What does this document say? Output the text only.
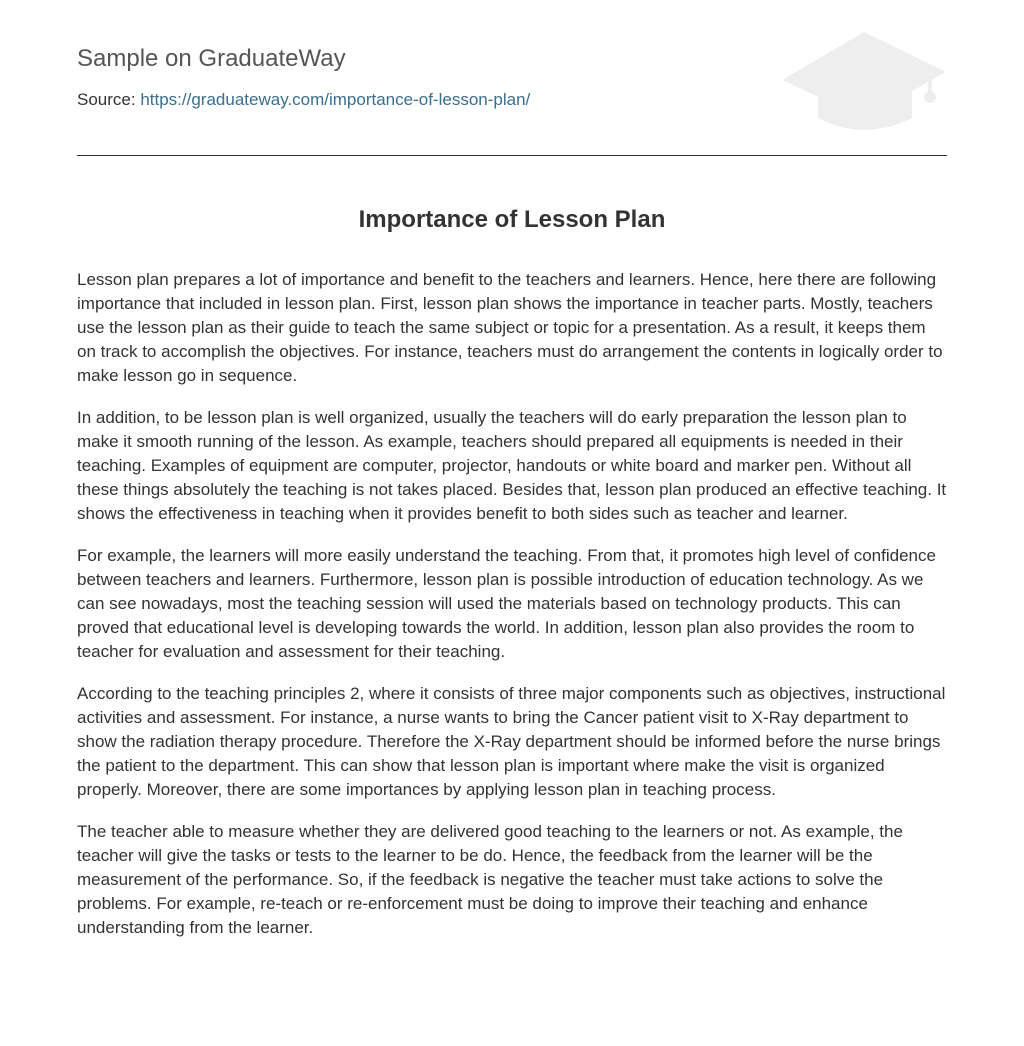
Sample on GraduateWay
Source: https://graduateway.com/importance-of-lesson-plan/
Importance of Lesson Plan

Lesson plan prepares a lot of importance and benefit to the teachers and learners. Hence, here there are following importance that included in lesson plan. First, lesson plan shows the importance in teacher parts. Mostly, teachers use the lesson plan as their guide to teach the same subject or topic for a presentation. As a result, it keeps them on track to accomplish the objectives. For instance, teachers must do arrangement the contents in logically order to make lesson go in sequence.

In addition, to be lesson plan is well organized, usually the teachers will do early preparation the lesson plan to make it smooth running of the lesson. As example, teachers should prepared all equipments is needed in their teaching. Examples of equipment are computer, projector, handouts or white board and marker pen. Without all these things absolutely the teaching is not takes placed. Besides that, lesson plan produced an effective teaching. It shows the effectiveness in teaching when it provides benefit to both sides such as teacher and learner.

For example, the learners will more easily understand the teaching. From that, it promotes high level of confidence between teachers and learners. Furthermore, lesson plan is possible introduction of education technology. As we can see nowadays, most the teaching session will used the materials based on technology products. This can proved that educational level is developing towards the world. In addition, lesson plan also provides the room to teacher for evaluation and assessment for their teaching.

According to the teaching principles 2, where it consists of three major components such as objectives, instructional activities and assessment. For instance, a nurse wants to bring the Cancer patient visit to X-Ray department to show the radiation therapy procedure. Therefore the X-Ray department should be informed before the nurse brings the patient to the department. This can show that lesson plan is important where make the visit is organized properly. Moreover, there are some importances by applying lesson plan in teaching process.

The teacher able to measure whether they are delivered good teaching to the learners or not. As example, the teacher will give the tasks or tests to the learner to be do. Hence, the feedback from the learner will be the measurement of the performance. So, if the feedback is negative the teacher must take actions to solve the problems. For example, re-teach or re-enforcement must be doing to improve their teaching and enhance understanding from the learner.
